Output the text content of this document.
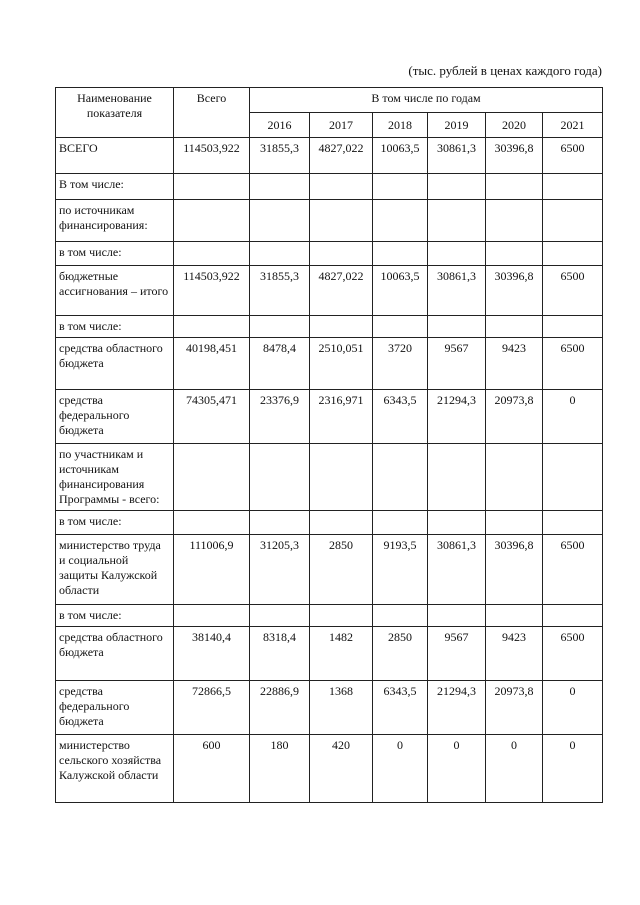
(тыс. рублей в ценах каждого года)
Наименование показателя	Всего	В том числе по годам					
		2016	2017	2018	2019	2020	2021
ВСЕГО	114503,922	31855,3	4827,022	10063,5	30861,3	30396,8	6500
В том числе:							
по источникам финансирования:							
в том числе:							
бюджетные ассигнования – итого	114503,922	31855,3	4827,022	10063,5	30861,3	30396,8	6500
в том числе:							
средства областного бюджета	40198,451	8478,4	2510,051	3720	9567	9423	6500
средства федерального бюджета	74305,471	23376,9	2316,971	6343,5	21294,3	20973,8	0
по участникам и источникам финансирования Программы - всего:							
в том числе:							
министерство труда и социальной защиты Калужской области	111006,9	31205,3	2850	9193,5	30861,3	30396,8	6500
в том числе:							
средства областного бюджета	38140,4	8318,4	1482	2850	9567	9423	6500
средства федерального бюджета	72866,5	22886,9	1368	6343,5	21294,3	20973,8	0
министерство сельского хозяйства Калужской области	600	180	420	0	0	0	0
